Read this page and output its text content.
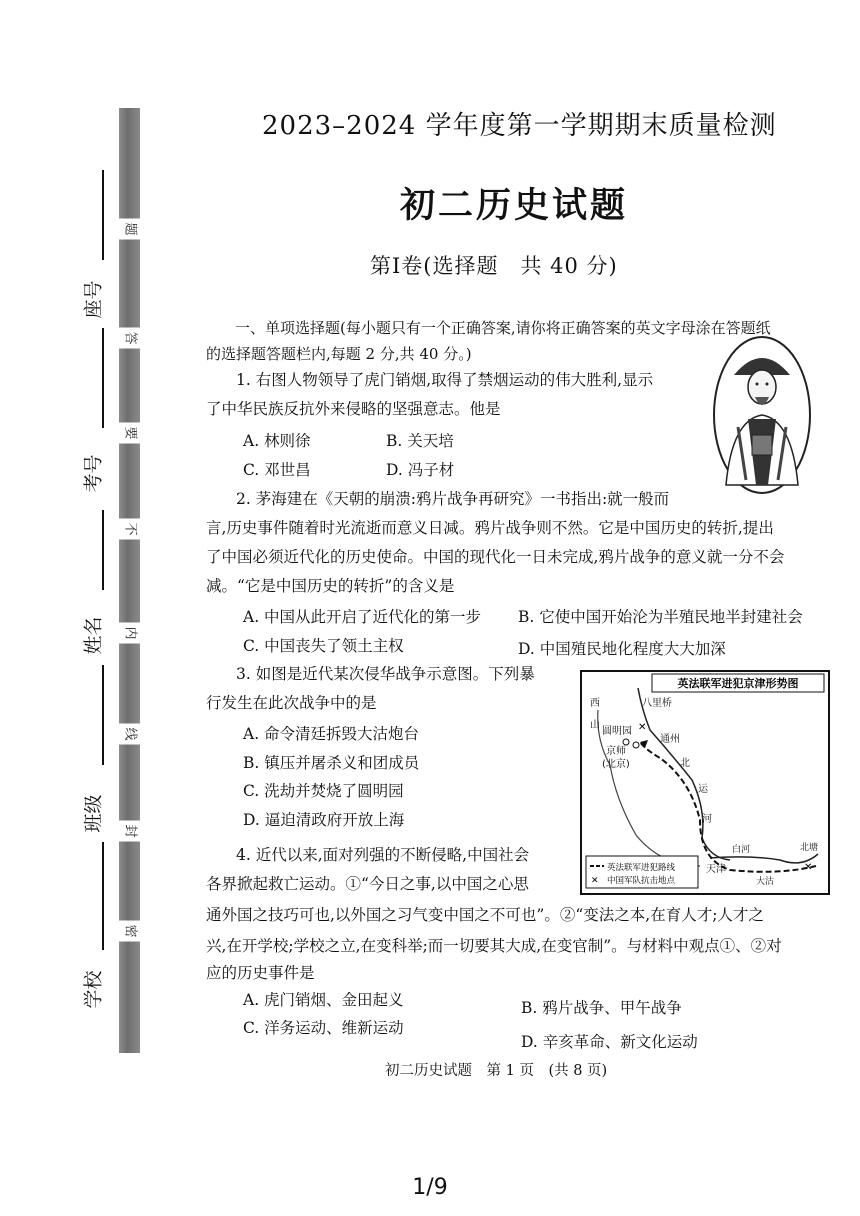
题
答
要
不
内
线
封
密
座号
考号
姓名
班级
学校
2023–2024 学年度第一学期期末质量检测
初二历史试题
第Ⅰ卷(选择题　共 40 分)
一、单项选择题(每小题只有一个正确答案,请你将正确答案的英文字母涂在答题纸
的选择题答题栏内,每题 2 分,共 40 分。)
1. 右图人物领导了虎门销烟,取得了禁烟运动的伟大胜利,显示
了中华民族反抗外来侵略的坚强意志。他是
A. 林则徐	B. 关天培
C. 邓世昌	D. 冯子材
2. 茅海建在《天朝的崩溃:鸦片战争再研究》一书指出:就一般而
言,历史事件随着时光流逝而意义日减。鸦片战争则不然。它是中国历史的转折,提出
了中国必须近代化的历史使命。中国的现代化一日未完成,鸦片战争的意义就一分不会
减。“它是中国历史的转折”的含义是
A. 中国从此开启了近代化的第一步 B. 它使中国开始沦为半殖民地半封建社会
C. 中国丧失了领土主权	D. 中国殖民地化程度大大加深
3. 如图是近代某次侵华战争示意图。下列暴
行发生在此次战争中的是
A. 命令清廷拆毁大沽炮台
B. 镇压并屠杀义和团成员
C. 洗劫并焚烧了圆明园
D. 逼迫清政府开放上海
英法联军进犯京津形势图
✕
✕
西
山
圆明园
八里桥
京师
(北京)
通州
北
运
河
白河
天津
大沽
北塘
英法联军进犯路线
✕ 中国军队抗击地点
4. 近代以来,面对列强的不断侵略,中国社会
各界掀起救亡运动。①“今日之事,以中国之心思
通外国之技巧可也,以外国之习气变中国之不可也”。②“变法之本,在育人才;人才之
兴,在开学校;学校之立,在变科举;而一切要其大成,在变官制”。与材料中观点①、②对
应的历史事件是
A. 虎门销烟、金田起义	B. 鸦片战争、甲午战争
C. 洋务运动、维新运动
D. 辛亥革命、新文化运动
初二历史试题　第 1 页　(共 8 页)
1/9
